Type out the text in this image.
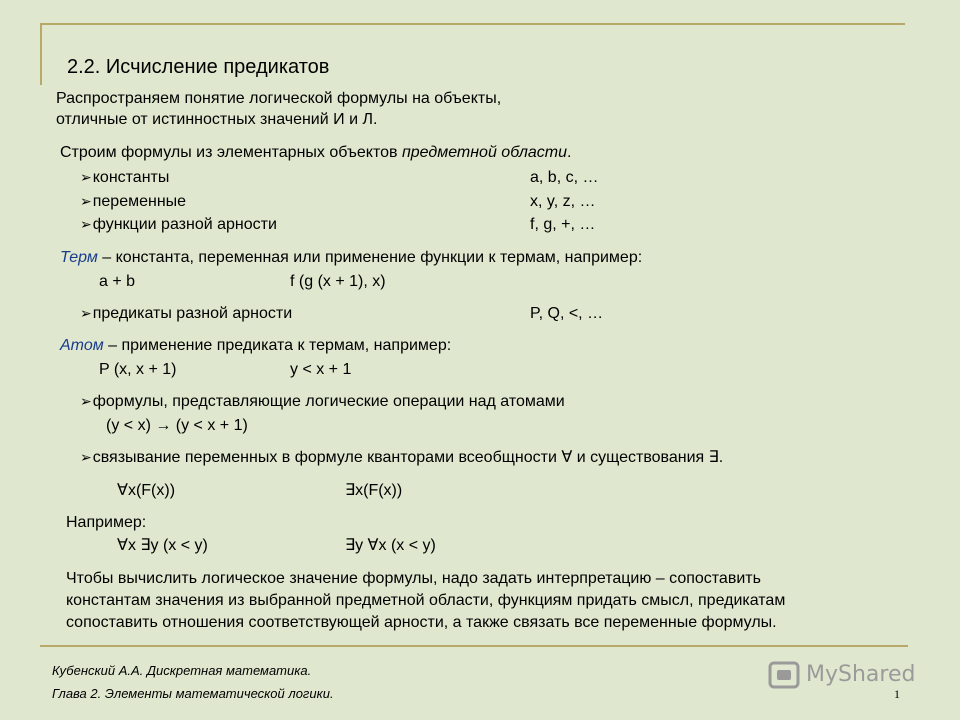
2.2. Исчисление предикатов
Распространяем понятие логической формулы на объекты,
отличные от истинностных значений И и Л.
Строим формулы из элементарных объектов предметной области.
➢константы	a, b, c, …
➢переменные	x, y, z, …
➢функции разной арности	f, g, +, …
Терм – константа, переменная или применение функции к термам, например:
a + b	f (g (x + 1), x)
➢предикаты разной арности	P, Q, <, …
Атом – применение предиката к термам, например:
P (x, x + 1)	y < x + 1
➢формулы, представляющие логические операции над атомами
(y < x) → (y < x + 1)
➢связывание переменных в формуле кванторами всеобщности ∀ и существования ∃.
∀x(F(x))	∃x(F(x))
Например:
∀x ∃y (x < y)	∃y ∀x (x < y)
Чтобы вычислить логическое значение формулы, надо задать интерпретацию – сопоставить
константам значения из выбранной предметной области, функциям придать смысл, предикатам
сопоставить отношения соответствующей арности, а также связать все переменные формулы.
Кубенский А.А. Дискретная математика.
Глава 2. Элементы математической логики.
MyShared
1
